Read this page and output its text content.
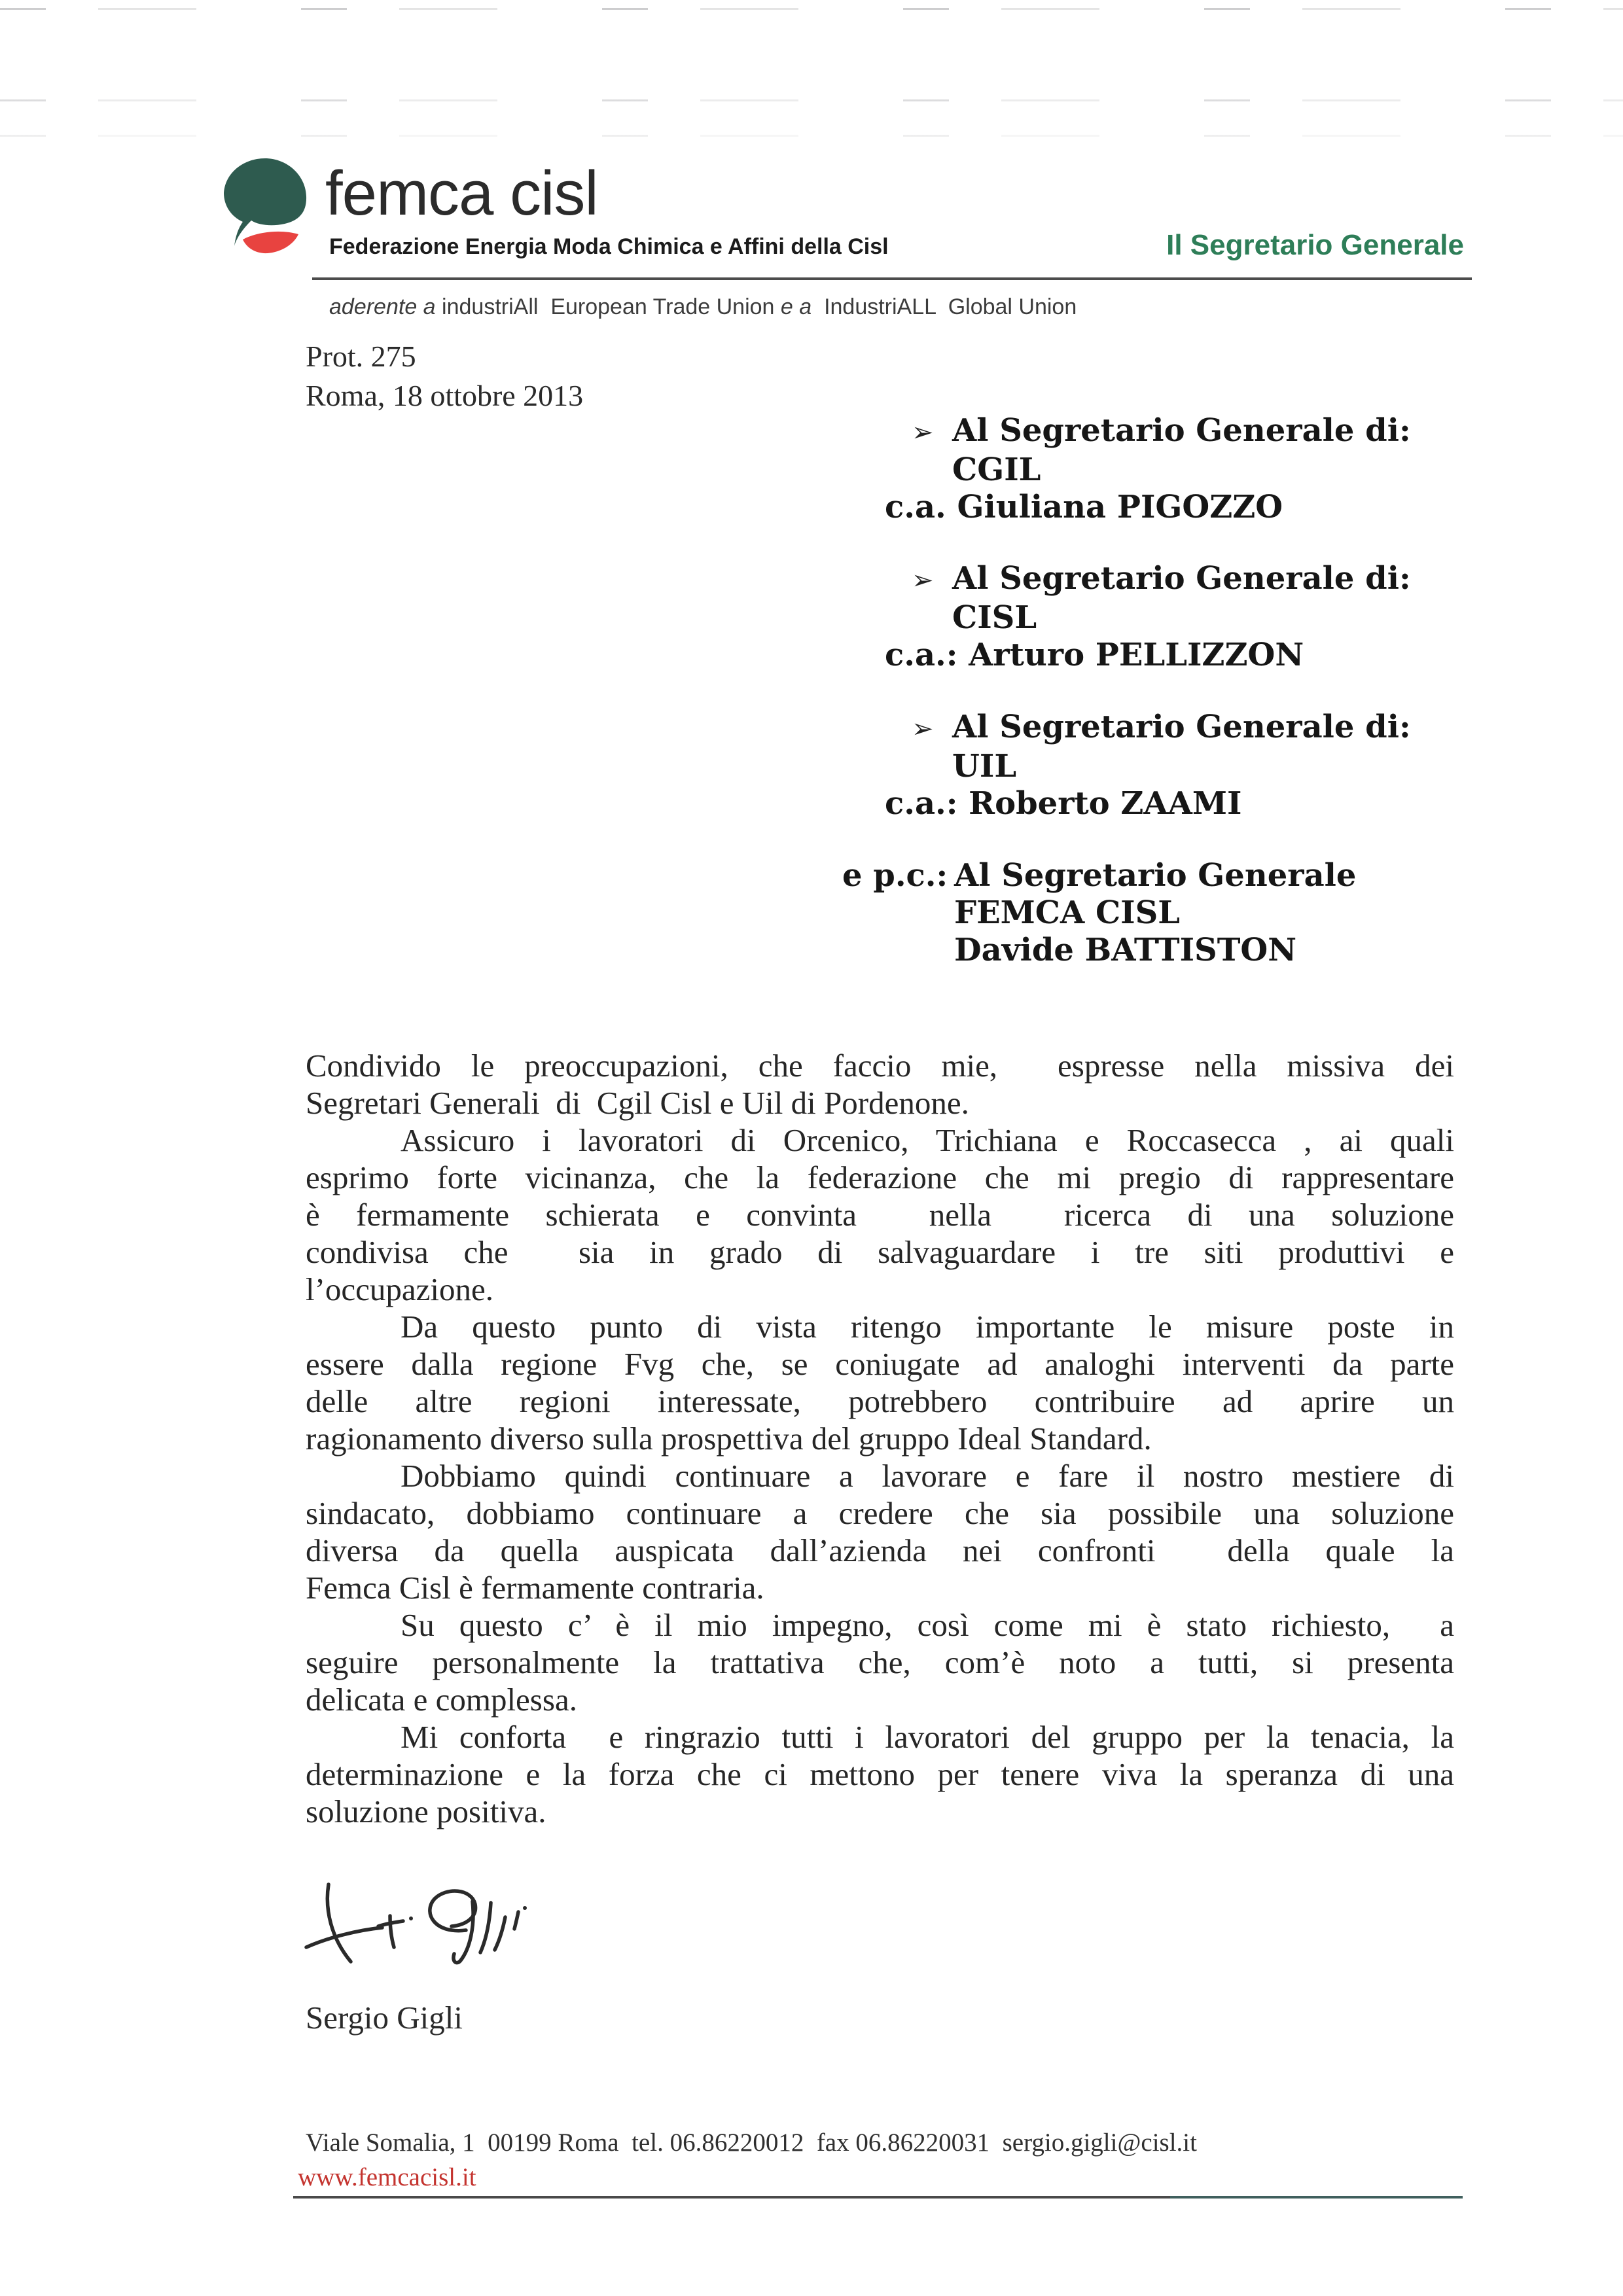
femca cisl
Federazione Energia Moda Chimica e Affini della Cisl	Il Segretario Generale
aderente a industriAll  European Trade Union e a  IndustriALL  Global Union
Prot. 275
Roma, 18 ottobre 2013
➢ Al Segretario Generale di:
CGIL
c.a. Giuliana PIGOZZO
➢ Al Segretario Generale di:
CISL
c.a.: Arturo PELLIZZON
➢ Al Segretario Generale di:
UIL
c.a.: Roberto ZAAMI
e p.c.: Al Segretario Generale
FEMCA CISL
Davide BATTISTON
Condivido le preoccupazioni, che faccio mie,  espresse nella missiva dei
Segretari Generali  di  Cgil Cisl e Uil di Pordenone.
Assicuro i lavoratori di Orcenico, Trichiana e Roccasecca , ai quali
esprimo forte vicinanza, che la federazione che mi pregio di rappresentare
è fermamente schierata e convinta  nella  ricerca di una soluzione
condivisa che  sia in grado di salvaguardare i tre siti produttivi e
l’occupazione.
Da questo punto di vista ritengo importante le misure poste in
essere dalla regione Fvg che, se coniugate ad analoghi interventi da parte
delle altre regioni interessate, potrebbero contribuire ad aprire un
ragionamento diverso sulla prospettiva del gruppo Ideal Standard.
Dobbiamo quindi continuare a lavorare e fare il nostro mestiere di
sindacato, dobbiamo continuare a credere che sia possibile una soluzione
diversa da quella auspicata dall’azienda nei confronti  della quale la
Femca Cisl è fermamente contraria.
Su questo c’ è il mio impegno, così come mi è stato richiesto,  a
seguire personalmente la trattativa che, com’è noto a tutti, si presenta
delicata e complessa.
Mi conforta  e ringrazio tutti i lavoratori del gruppo per la tenacia, la
determinazione e la forza che ci mettono per tenere viva la speranza di una
soluzione positiva.
Sergio Gigli
Viale Somalia, 1  00199 Roma  tel. 06.86220012  fax 06.86220031  sergio.gigli@cisl.it
www.femcacisl.it
